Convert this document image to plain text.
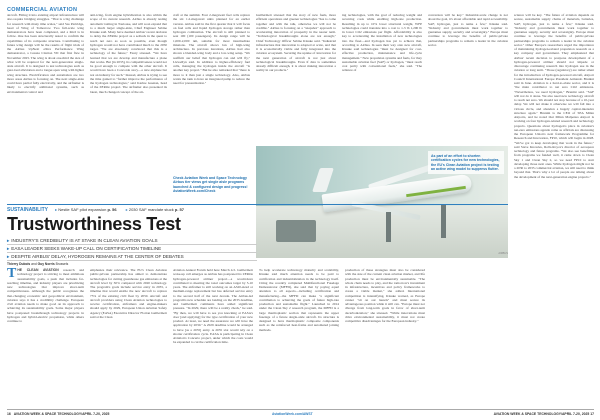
COMMERCIAL AVIATION

aircraft. Fitting it into existing airport infrastructure will also require bridging struggles. "That is a big challenge for research with many time scales," said Sas Partridge, head of Wing of Tomorrow. Two full-scale wing demonstrators have been completed, and a third is in follow. One has been structurally tested to confirm the capabilities of its composite structure. Contributing to future wing design will be the results of flight trials of the Airbus UpNext eXtra Performance Wing demonstrator, a Cessna Citation VII that first flew in November 2025. The wing is about one-third the size of what will be required for the next-generation single-aisle aircraft. It is designed to test technologies such as gust-load alleviation and a longer-span wing with lighter wing structure. Electrification and automation are two more areas Airbus is focusing on. The next single-aisle could have partial fully electrically, and the airframer is likely to electrify additional systems, such as environmental control and

anti-icing, from engine hybridization is also within the scope of its current research. Airbus is already testing automatic taxiing in Toulouse, and will soon expand that to a much larger single-aisle, Chief Engineer Sabine Klauke said. Many have deemed Airbus' recent decision to delay the ZEROe project as a setback in the quest to reach net zero as soon as possible, even though hydrogen would not have contributed much to the 2050 target. "We are absolutely convinced that this is a technology of the future," Faury stressed. "We have learned that we are develop and manufacture a plane that works. But [in 2035], its competitiveness would not be good enough to compete with the other aircraft. It would have been a Concorde story—a nice airplane but not an industry for such." Instead, Airbus is trying to see the time gained to "further improve the performance of the hydrogen technologies," said Karine Guenan, head of the ZEROe project. The airframer also presented its latest, much changed concept of the air-

craft at the summit. Four 2-megawatt fuel cells replace the six 1.2-megawatt units planned for an earlier version. Airbus said in the first quarter that it will focus on fuel cells and liquid hydrogen storage rather than hydrogen combustion. The aircraft is still planned to seat 100 (100 passengers). Its design range will be 1,000-2,000 nm, suitable for most intermediate missions. The aircraft shows lots of high-wing architecture. In previous iterations, Airbus had also shown a blended-wing body and a low-wing setup. "We reaffirm our belief that hydrogen can and will fly," Llewellyn said. In addition to higher-efficiency fuel cells, managing the hydrogen inside the aircraft "is another key project." But he also remarked that "there is more to it than just a single technology. Also, Airbus wants the tank to have an integrated pump to reduce the need for pressurization."

Check Aviation Week and Space Technology Airbus tier views get single aisle programs launched & configured design and progress! AviationWeek.com/Check

Guillermeir stressed that the story of new fuels, more efficient operations and greener technologies "has to come together and with the talk, otherwise we will not be credible." Airbus is focusing on a "snapshot" approach to accelerating innovation of prosperity in the nearer term. "Technological breakthroughs alone are not enough," Chief Technology Officer Sabine Klauke said. "Industrial infrastructure that innovation is adopted at scale, and that it is economically viable and fully integrated into the aviation ecosystem. Securing the uptake of innovation for the next generation of aircraft is not just about technological breakthroughs. Even if data is sometimes already difficult enough, it is about making innovation a reality in our products."

ing technologies, with the goal of reducing weight and recurring costs while enabling high-rate production. Resulting in up to 10% lower structural weight, WFP technologies could translate into a cost to 1-3 lb 1,200 lb in lower CO2 emissions per flight. Affordability is also key to accelerating the installation of new technologies into the fleet—and hydrogen has yet to achieve that, according to Airbus. In seen their way onto new aircraft, Klauke said technologies "must be designed for cost-effective production, maintenance and life-cycle management." New propulsion systems and fuels, for they sustainable aviation fuel (SAF) or hydrogen, "must reach cost parity with conventional fuels," she said. "The reliance of

conversion will be key." Industrial-scale change is not about the goal, it's about affordable and rapid accessibility. SAF, hydrogen, just to name a few," Klauke said. "Industry and governments must work together to guarantee supply, security and sovereignty." Europe must continue to leverage the benefits of public-private partnerships programs to remain a leader in the aviation sector.

science will be key. "The future of aviation depends on secure, sustainable supply chains of materials, batteries, SAF, hydrogen, just to name a few," Klauke said. "Industry and governments must work together to guarantee supply, security and sovereignty. Europe must continue to leverage the benefits of public-private partnerships programs to remain a leader in the aviation sector." Other Europe's researchers urged the importance of maintaining hydrogen-related propulsion research as a key company and government. They emphasized that Airbus' recent decision to postpone development of a hydrogen-powered airliner should not impede or discourage continuing research into hydrogen use in the aviation or long term. "Those (regulatory) are rather silent for the introduction of hydrogen-powered aircraft, Airport Council International Europe President Armando Brunini said in June. Aviation is a hard-to-abate sector, and it is "the main contributor to net zero CO2 emissions. "Nevertheless, we need hydrogen," Brunini said. "SAF will not do it alone. We also need new technology aircraft to reach net zero. We should not stop because of a 10-year delay. We will not make it otherwise we will fall into a vicious circle, and abandon a hugely capital-intensive structure again." Brunini is the CEO of SEA Milan Airports, and he noted that Milan Malpensa Airport is working on four hydrogen-related research and technology projects. Questions about hydrogen's place in aviation's net-zero emissions agenda come as officials are discussing the European Union's next framework Programme for Research and Innovation, FP10, which will begin in 2028. "We've got to keep developing that work in the future," said Steve Knowles, Rolls-Royce's director of aerospace technology and future programs. "We also see benefiting from programs we funded well, it came down to Clean Sky 1 and Clean Sky 2, so we need FP10 to start developing those next ones. While hydrogen might not be a 2030 to 2035 commercial aviation, we still need to think beyond that. That's why a lot of people are talking about the development of the next-generation engine projects."

As part of an effort to shorten certification cycles for new technologies, the EU's Clean Aviation project is testing an active wing model to suppress flutter.
AIRBUS
SUSTAINABILITY ▸ Nestle SAF pilot expansion p. 56 ▸ 2030 SAF mandate stuck p. 57
Trustworthiness Test
▸ INDUSTRY'S CREDIBILITY IS AT STAKE IN CLEAN AVIATION GOALS
▸ EASA LEADER SEEKS WAKE-UP CALL ON CERTIFICATION TIMELINE
▸ DESPITE AIRBUS' DELAY, HYDROGEN REMAINS AT THE CENTER OF DEBATES
Thierry Dubois and Guy Norris Brussels
THE CLEAN AVIATION research and technology project is striving to meet ambitious sustainability goals, a push that includes far-reaching timeline, and industry players are prioritizing new technologies that improve short-term competitiveness. Although the public recognizes the that-changing economic and geopolitical environment, aviation says it has a credibility challenge. European civil aviation needs to make good on its approach to achieving its sustainability goals. Some major players have postponed breakthrough technology projects in hydrogen and hybrid-electric propulsion, while others continue to
emphasize their relevance. The EU's Clean Aviation public-private partnership has aimed to demonstrate technologies for cutting greenhouse gas emissions at the aircraft level by 30% compared with 2020 technology. The program's goals include service entry in 2035, a timeline that would enable the new aircraft to replace 75% of the existing civil fleet by 2050. Aircraft and aircraft providers using Clean Aviation technologies to receive certification, airframers and engine-makers should apply by 2029, European Union Aviation Safety Agency (EASA) Executive Director Florian Guillermeir said at the Clean
Aviation Annual Forum held here March 4-5. Guillermeir woke-up call emerges as Airbus has postponed its ZEROe hydrogen-powered airliner project—a would-have contributed to meeting the tonal outcomes target by 5-10 years. The airframer is still working on an A320-sized or medium-range replacement but has deferred service entry to the second half of the next decade. The Airbus-led program's new schedule are landing on the 2035 deadline, and Guillermeir comments have added significant pressure. "In 2029, there will be a reality check," he said. "By then, we will have to see you knocking at EASA's door [and applying] for the type certification of your new product. At least, we need the assurance we will have the application by 2030." A 2029 deadline would be arranged to have [as a 2035] entry. A 2035 slot would rely on a shorter certification cycle. EASA is participating in Clean Aviation's Concerto project, under which the costs would be expanded to cut the certification time.
To help accelerate technology maturity and scalability, Klauke said much attention needs to be paid to certification and industrialization in the technology itself. Citing the recently completed Multifunctional Fuselage Demonstrator (MFFD), she said that by paying equal attention to all aspects—including certification and manufacturing—the MFFD can make "a significant contribution to achieving the goals of future high-rate production and sustainable flight." Launched in 2014 under the Clean Sky 2 research program, the MFFD is a large thermoplastic section that represents the upper fuselage of a future single-aisle aircraft. Its structure is designed to have thermoplastic composite components such as the reinforced heat-frame and automated joining methods.
production of these strategies must also be considered with the size of the current clean aviation market, and life production must be environmentally sustainable. "The whole chain needs to play, and the tomorrow's investment in infrastructure, incentives and policy frameworks to create a viable market," she added. International competition is intensifying, Klauke warned, as Europe cannot "sit on our laurels" and must secure its advantageous position while it still can. "Europe must not diverge from long-term goals in favor of short-term decarbonization," she stressed. "While innovations must drive environmental sustainability, it must not create competitive disadvantages for the European industry."
16 AVIATION WEEK & SPACE TECHNOLOGY/APRIL 7-20, 2025	AviationWeek.com/AWST	AVIATION WEEK & SPACE TECHNOLOGY/APRIL 7-20, 2025 17
